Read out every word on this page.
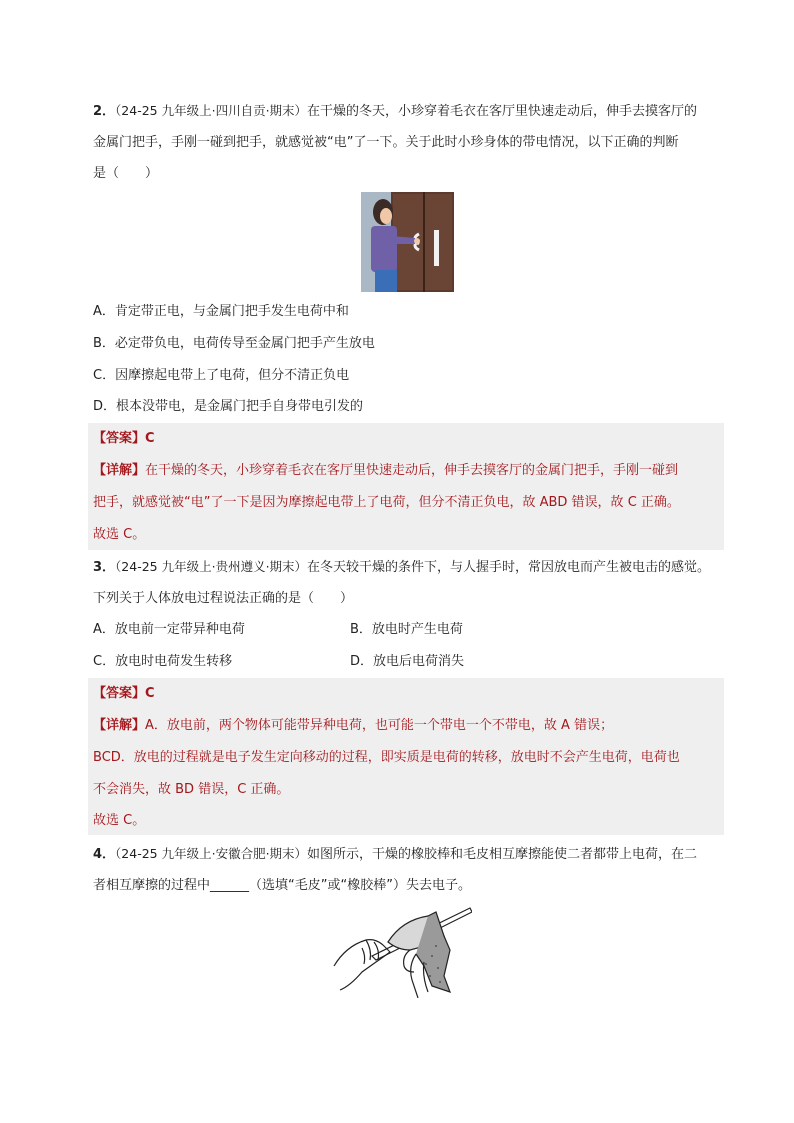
2．（24-25 九年级上·四川自贡·期末）在干燥的冬天，小珍穿着毛衣在客厅里快速走动后，伸手去摸客厅的
金属门把手，手刚一碰到把手，就感觉被“电”了一下。关于此时小珍身体的带电情况，以下正确的判断
是（　　）
A．肯定带正电，与金属门把手发生电荷中和
B．必定带负电，电荷传导至金属门把手产生放电
C．因摩擦起电带上了电荷，但分不清正负电
D．根本没带电，是金属门把手自身带电引发的
【答案】C
【详解】在干燥的冬天，小珍穿着毛衣在客厅里快速走动后，伸手去摸客厅的金属门把手，手刚一碰到
把手，就感觉被“电”了一下是因为摩擦起电带上了电荷，但分不清正负电，故 ABD 错误，故 C 正确。
故选 C。
3．（24-25 九年级上·贵州遵义·期末）在冬天较干燥的条件下，与人握手时，常因放电而产生被电击的感觉。
下列关于人体放电过程说法正确的是（　　）
A．放电前一定带异种电荷	B．放电时产生电荷
C．放电时电荷发生转移	D．放电后电荷消失
【答案】C
【详解】A．放电前，两个物体可能带异种电荷，也可能一个带电一个不带电，故 A 错误；
BCD．放电的过程就是电子发生定向移动的过程，即实质是电荷的转移，放电时不会产生电荷，电荷也
不会消失，故 BD 错误，C 正确。
故选 C。
4．（24-25 九年级上·安徽合肥·期末）如图所示，干燥的橡胶棒和毛皮相互摩擦能使二者都带上电荷，在二
者相互摩擦的过程中______（选填“毛皮”或“橡胶棒”）失去电子。
